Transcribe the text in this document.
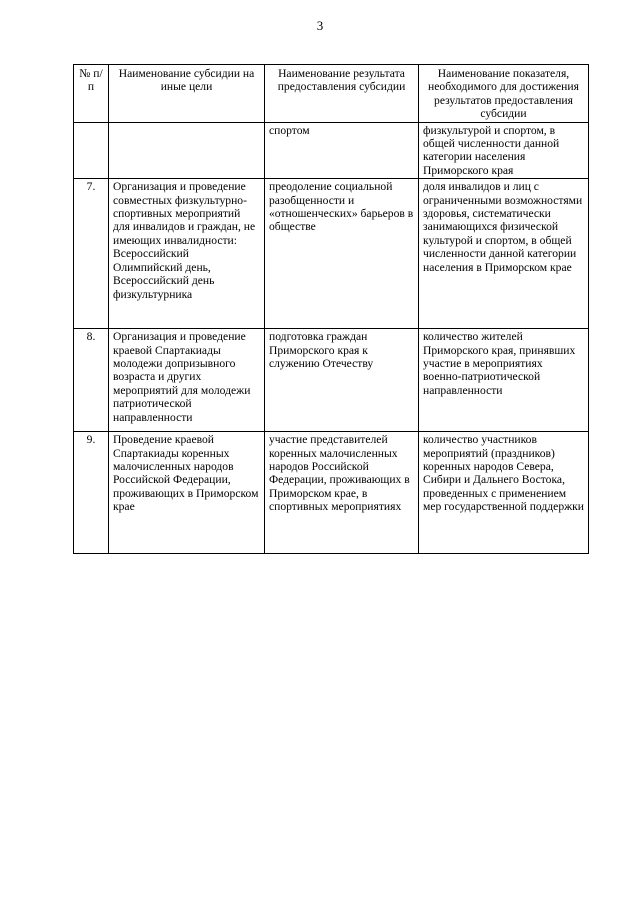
3
№ п/п	Наименование субсидии на иные цели	Наименование результата предоставления субсидии	Наименование показателя, необходимого для достижения результатов предоставления субсидии
		спортом	физкультурой и спортом, в общей численности данной категории населения Приморского края
7.	Организация и проведение совместных физкультурно-спортивных мероприятий для инвалидов и граждан, не имеющих инвалидности: Всероссийский Олимпийский день, Всероссийский день физкультурника	преодоление социальной разобщенности и «отношенческих» барьеров в обществе	доля инвалидов и лиц с ограниченными возможностями здоровья, систематически занимающихся физической культурой и спортом, в общей численности данной категории населения в Приморском крае
8.	Организация и проведение краевой Спартакиады молодежи допризывного возраста и других мероприятий для молодежи патриотической направленности	подготовка граждан Приморского края к служению Отечеству	количество жителей Приморского края, принявших участие в мероприятиях военно-патриотической направленности
9.	Проведение краевой Спартакиады коренных малочисленных народов Российской Федерации, проживающих в Приморском крае	участие представителей коренных малочисленных народов Российской Федерации, проживающих в Приморском крае, в спортивных мероприятиях	количество участников мероприятий (праздников) коренных народов Севера, Сибири и Дальнего Востока, проведенных с применением мер государственной поддержки
